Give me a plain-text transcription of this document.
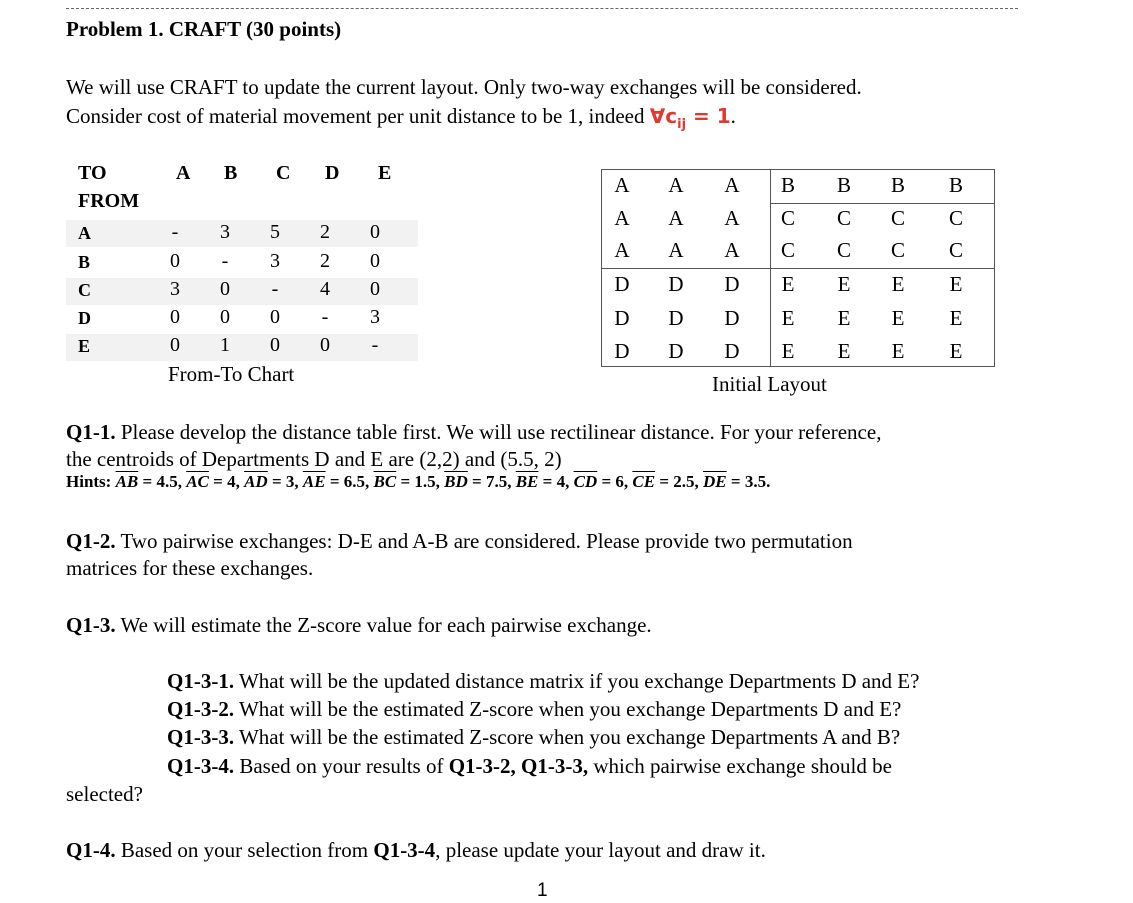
Problem 1. CRAFT (30 points)
We will use CRAFT to update the current layout. Only two-way exchanges will be considered.
Consider cost of material movement per unit distance to be 1, indeed $\forall c_{ij} = 1$.
TO
FROM
A B C D E
A	-	3	5	2	0
B	0	-	3	2	0
C	3	0	-	4	0
D	0	0	0	-	3
E	0	1	0	0	-
From-To Chart
A	A	A	B	B	B	B
A	A	A	C	C	C	C
A	A	A	C	C	C	C
D	D	D	E	E	E	E
D	D	D	E	E	E	E
D	D	D	E	E	E	E
Initial Layout
Q1-1. Please develop the distance table first. We will use rectilinear distance. For your reference,
the centroids of Departments D and E are (2,2) and (5.5, 2)
Hints: $\overline{AB} = 4.5$, $\overline{AC} = 4$, $\overline{AD} = 3$, $\overline{AE} = 6.5$, $\overline{BC} = 1.5$, $\overline{BD} = 7.5$, $\overline{BE} = 4$, $\overline{CD} = 6$, $\overline{CE} = 2.5$, $\overline{DE} = 3.5$.
Q1-2. Two pairwise exchanges: D-E and A-B are considered. Please provide two permutation
matrices for these exchanges.
Q1-3. We will estimate the Z-score value for each pairwise exchange.
Q1-3-1. What will be the updated distance matrix if you exchange Departments D and E?
Q1-3-2. What will be the estimated Z-score when you exchange Departments D and E?
Q1-3-3. What will be the estimated Z-score when you exchange Departments A and B?
Q1-3-4. Based on your results of Q1-3-2, Q1-3-3, which pairwise exchange should be
selected?
Q1-4. Based on your selection from Q1-3-4, please update your layout and draw it.
1
